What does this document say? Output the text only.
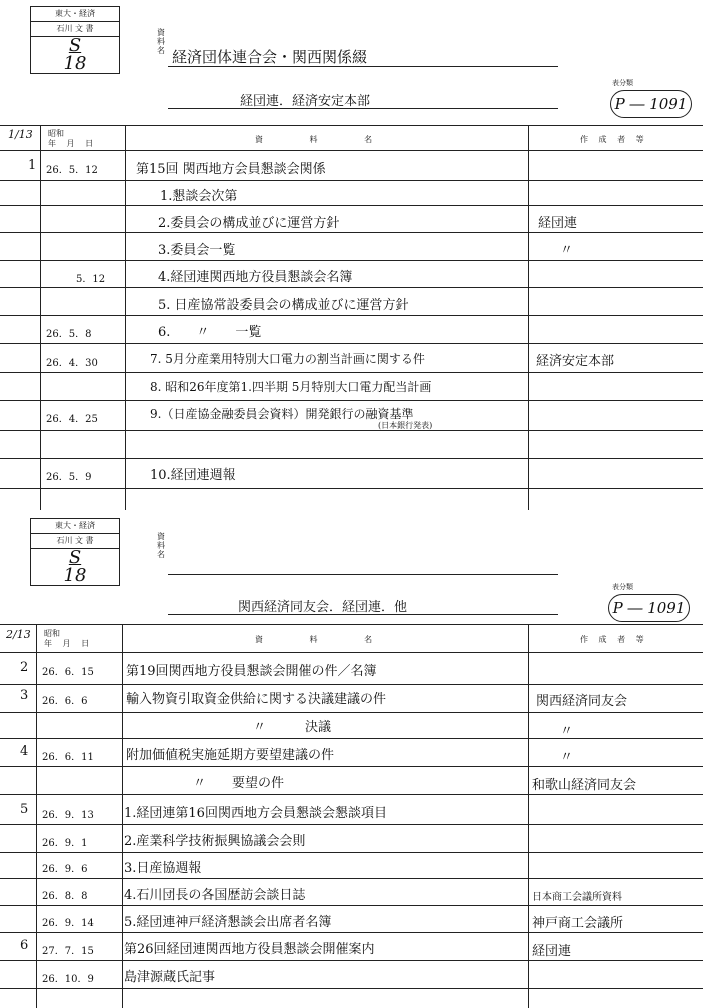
東大・経済
石川 文 書
S
18
資料名 経済団体連合会・関西関係綴
経団連．経済安定本部
表分類
P ― 1091
1/13 昭和
年 月 日	資 料 名	作 成 者 等
1 26．5．12	第15回 関西地方会員懇談会関係
1.懇談会次第
2.委員会の構成並びに運営方針	経団連
3.委員会一覧	〃
5．12	4.経団連関西地方役員懇談会名簿
5. 日産協常設委員会の構成並びに運営方針
26．5．8	6.　　〃　　一覧
26．4．30	7. 5月分産業用特別大口電力の割当計画に関する件	経済安定本部
8. 昭和26年度第1.四半期 5月特別大口電力配当計画
26．4．25	9.（日産協金融委員会資料）開発銀行の融資基準
(日本銀行発表)
26．5．9	10.経団連週報
東大・経済
石川 文 書
S
18
資料名
関西経済同友会．経団連．他
表分類
P ― 1091
2/13 昭和
年 月 日	資 料 名	作 成 者 等
2 26．6．15 第19回関西地方役員懇談会開催の件／名簿
3 26．6．6	輸入物資引取資金供給に関する決議建議の件	関西経済同友会
　〃　　　決議	〃
4 26．6．11 附加価値税実施延期方要望建議の件	〃
　〃　　要望の件	和歌山経済同友会
5 26．9．13 1.経団連第16回関西地方会員懇談会懇談項目
26．9．1	2.産業科学技術振興協議会会則
26．9．6	3.日産協週報
26．8．8	4.石川団長の各国歴訪会談日誌	日本商工会議所資料
26．9．14 5.経団連神戸経済懇談会出席者名簿	神戸商工会議所
6 27．7．15 第26回経団連関西地方役員懇談会開催案内	経団連
26．10．9 島津源蔵氏記事
